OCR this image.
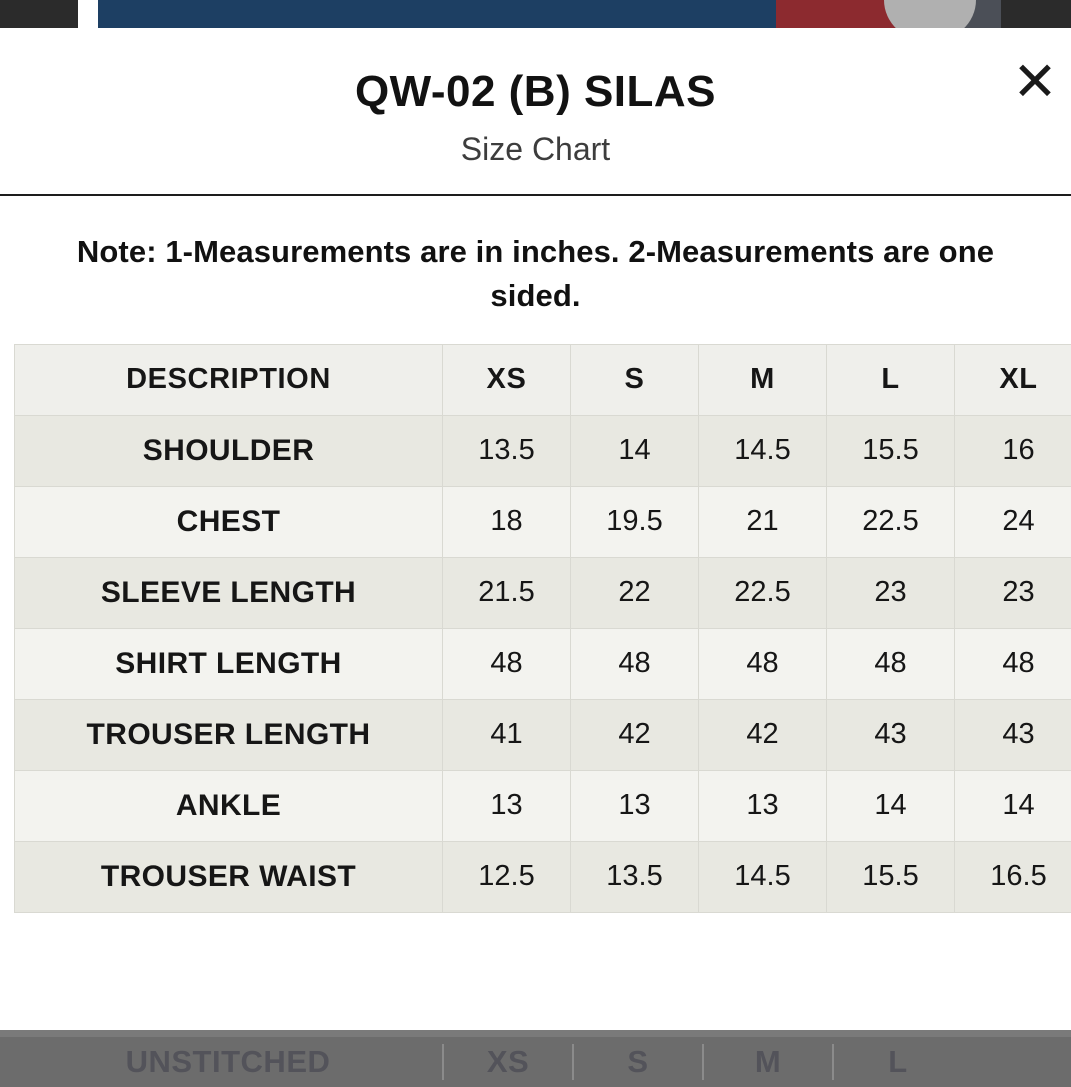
UNSTITCHED	XS	S	M	L
QW-02 (B) SILAS

Size Chart

✕

Note: 1-Measurements are in inches. 2-Measurements are one sided.

DESCRIPTION	XS	S	M	L	XL
SHOULDER	13.5	14	14.5	15.5	16
CHEST	18	19.5	21	22.5	24
SLEEVE LENGTH	21.5	22	22.5	23	23
SHIRT LENGTH	48	48	48	48	48
TROUSER LENGTH	41	42	42	43	43
ANKLE	13	13	13	14	14
TROUSER WAIST	12.5	13.5	14.5	15.5	16.5
